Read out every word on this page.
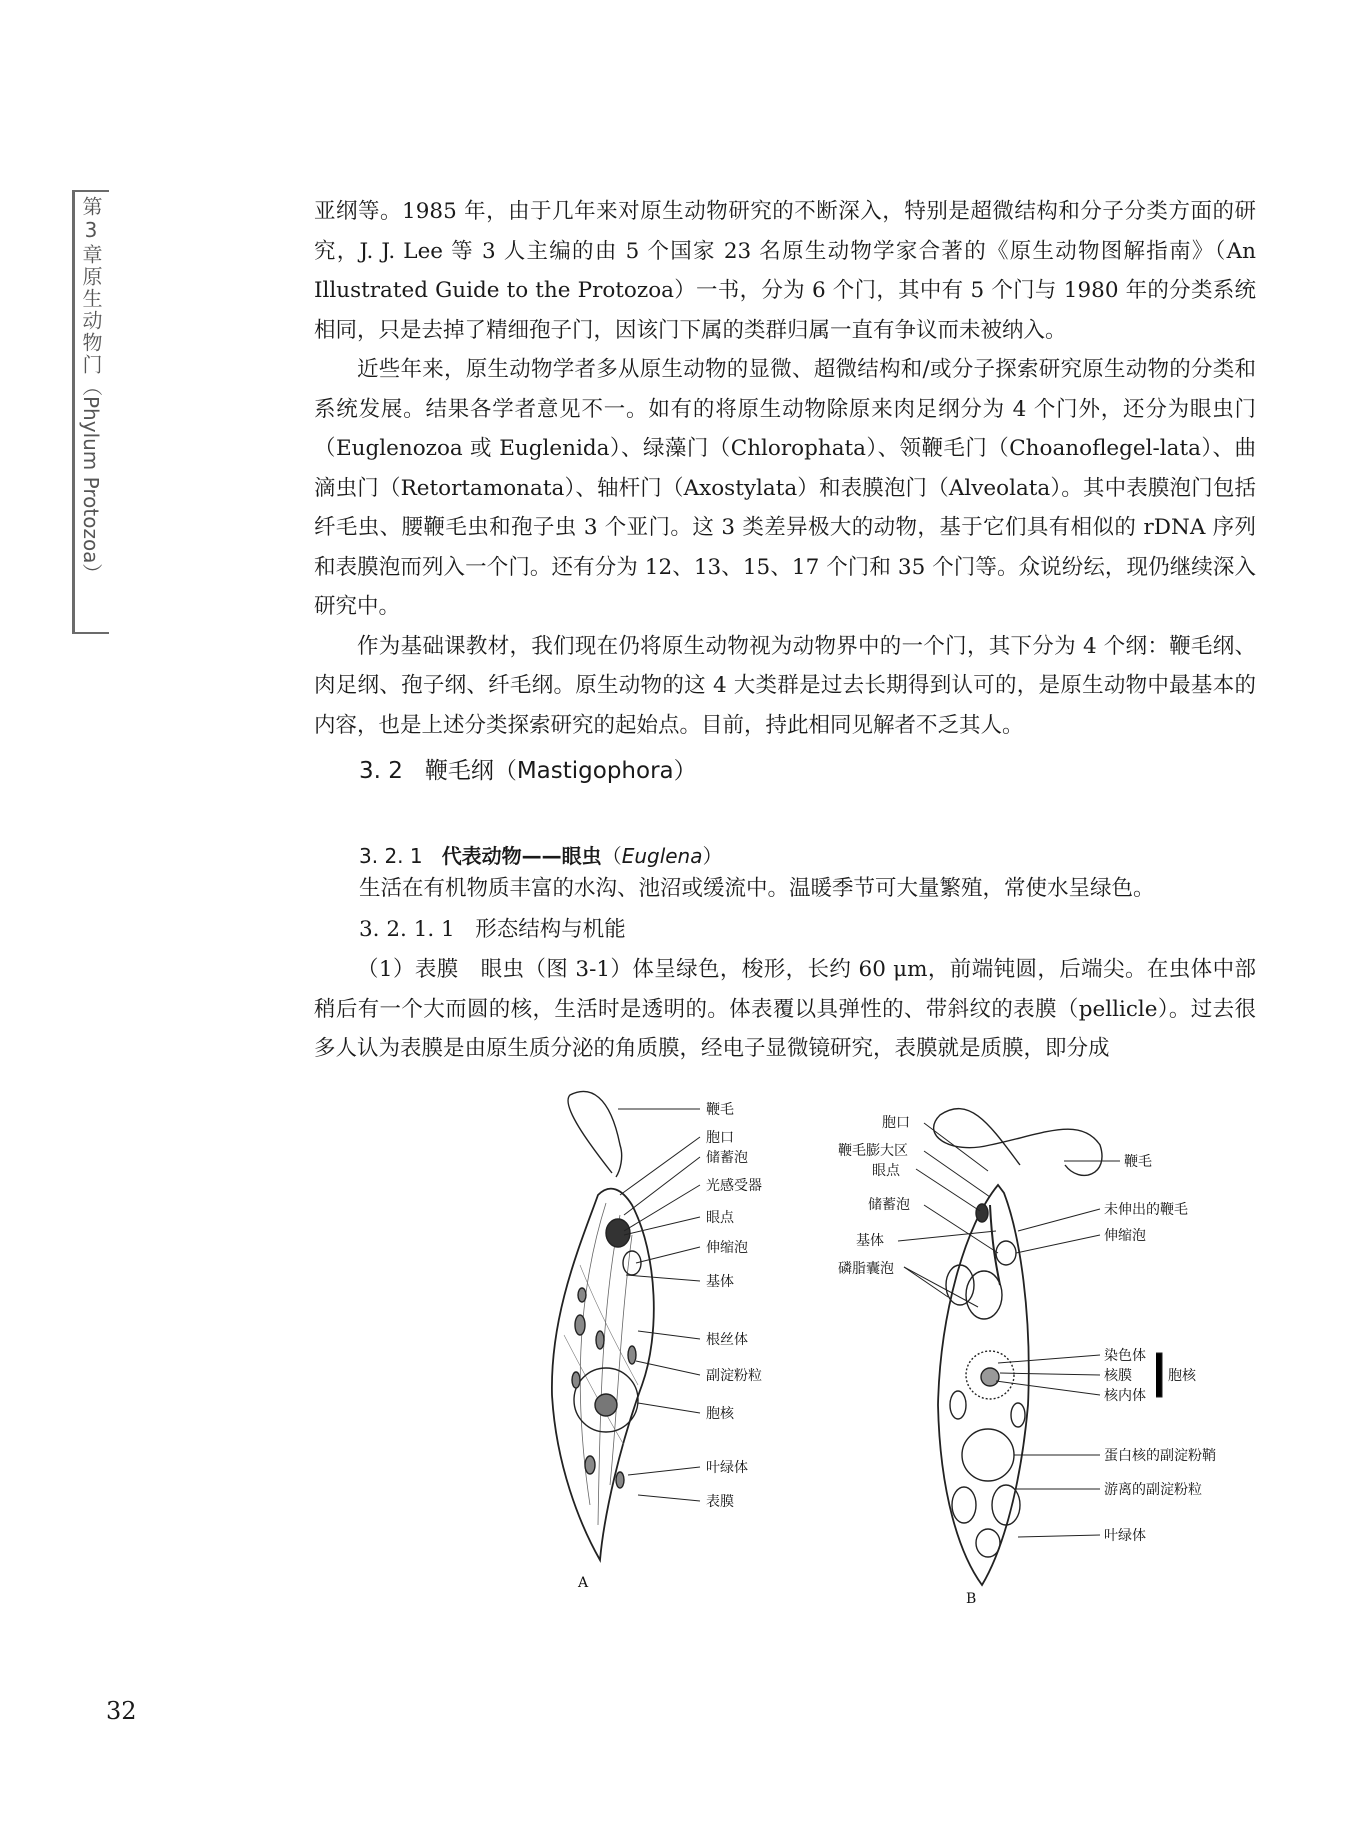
第3章原生动物门（Phylum Protozoa）

亚纲等。1985 年，由于几年来对原生动物研究的不断深入，特别是超微结构和分子分类方面的研究，J. J. Lee 等 3 人主编的由 5 个国家 23 名原生动物学家合著的《原生动物图解指南》（An Illustrated Guide to the Protozoa）一书，分为 6 个门，其中有 5 个门与 1980 年的分类系统相同，只是去掉了精细孢子门，因该门下属的类群归属一直有争议而未被纳入。

近些年来，原生动物学者多从原生动物的显微、超微结构和/或分子探索研究原生动物的分类和系统发展。结果各学者意见不一。如有的将原生动物除原来肉足纲分为 4 个门外，还分为眼虫门（Euglenozoa 或 Euglenida）、绿藻门（Chlorophata）、领鞭毛门（Choanoflegel-lata）、曲滴虫门（Retortamonata）、轴杆门（Axostylata）和表膜泡门（Alveolata）。其中表膜泡门包括纤毛虫、腰鞭毛虫和孢子虫 3 个亚门。这 3 类差异极大的动物，基于它们具有相似的 rDNA 序列和表膜泡而列入一个门。还有分为 12、13、15、17 个门和 35 个门等。众说纷纭，现仍继续深入研究中。

作为基础课教材，我们现在仍将原生动物视为动物界中的一个门，其下分为 4 个纲：鞭毛纲、肉足纲、孢子纲、纤毛纲。原生动物的这 4 大类群是过去长期得到认可的，是原生动物中最基本的内容，也是上述分类探索研究的起始点。目前，持此相同见解者不乏其人。

3. 2 鞭毛纲（Mastigophora）
3. 2. 1 代表动物——眼虫（Euglena）
生活在有机物质丰富的水沟、池沼或缓流中。温暖季节可大量繁殖，常使水呈绿色。
3. 2. 1. 1 形态结构与机能

（1）表膜　眼虫（图 3-1）体呈绿色，梭形，长约 60 μm，前端钝圆，后端尖。在虫体中部稍后有一个大而圆的核，生活时是透明的。体表覆以具弹性的、带斜纹的表膜（pellicle）。过去很多人认为表膜是由原生质分泌的角质膜，经电子显微镜研究，表膜就是质膜，即分成

鞭毛
胞口
储蓄泡
光感受器
眼点
伸缩泡
基体
根丝体
副淀粉粒
胞核
叶绿体
表膜
A
胞口
鞭毛膨大区
眼点
储蓄泡
基体
磷脂囊泡
鞭毛
未伸出的鞭毛
伸缩泡
染色体
核膜
核内体
胞核
蛋白核的副淀粉鞘
游离的副淀粉粒
叶绿体
B
32
